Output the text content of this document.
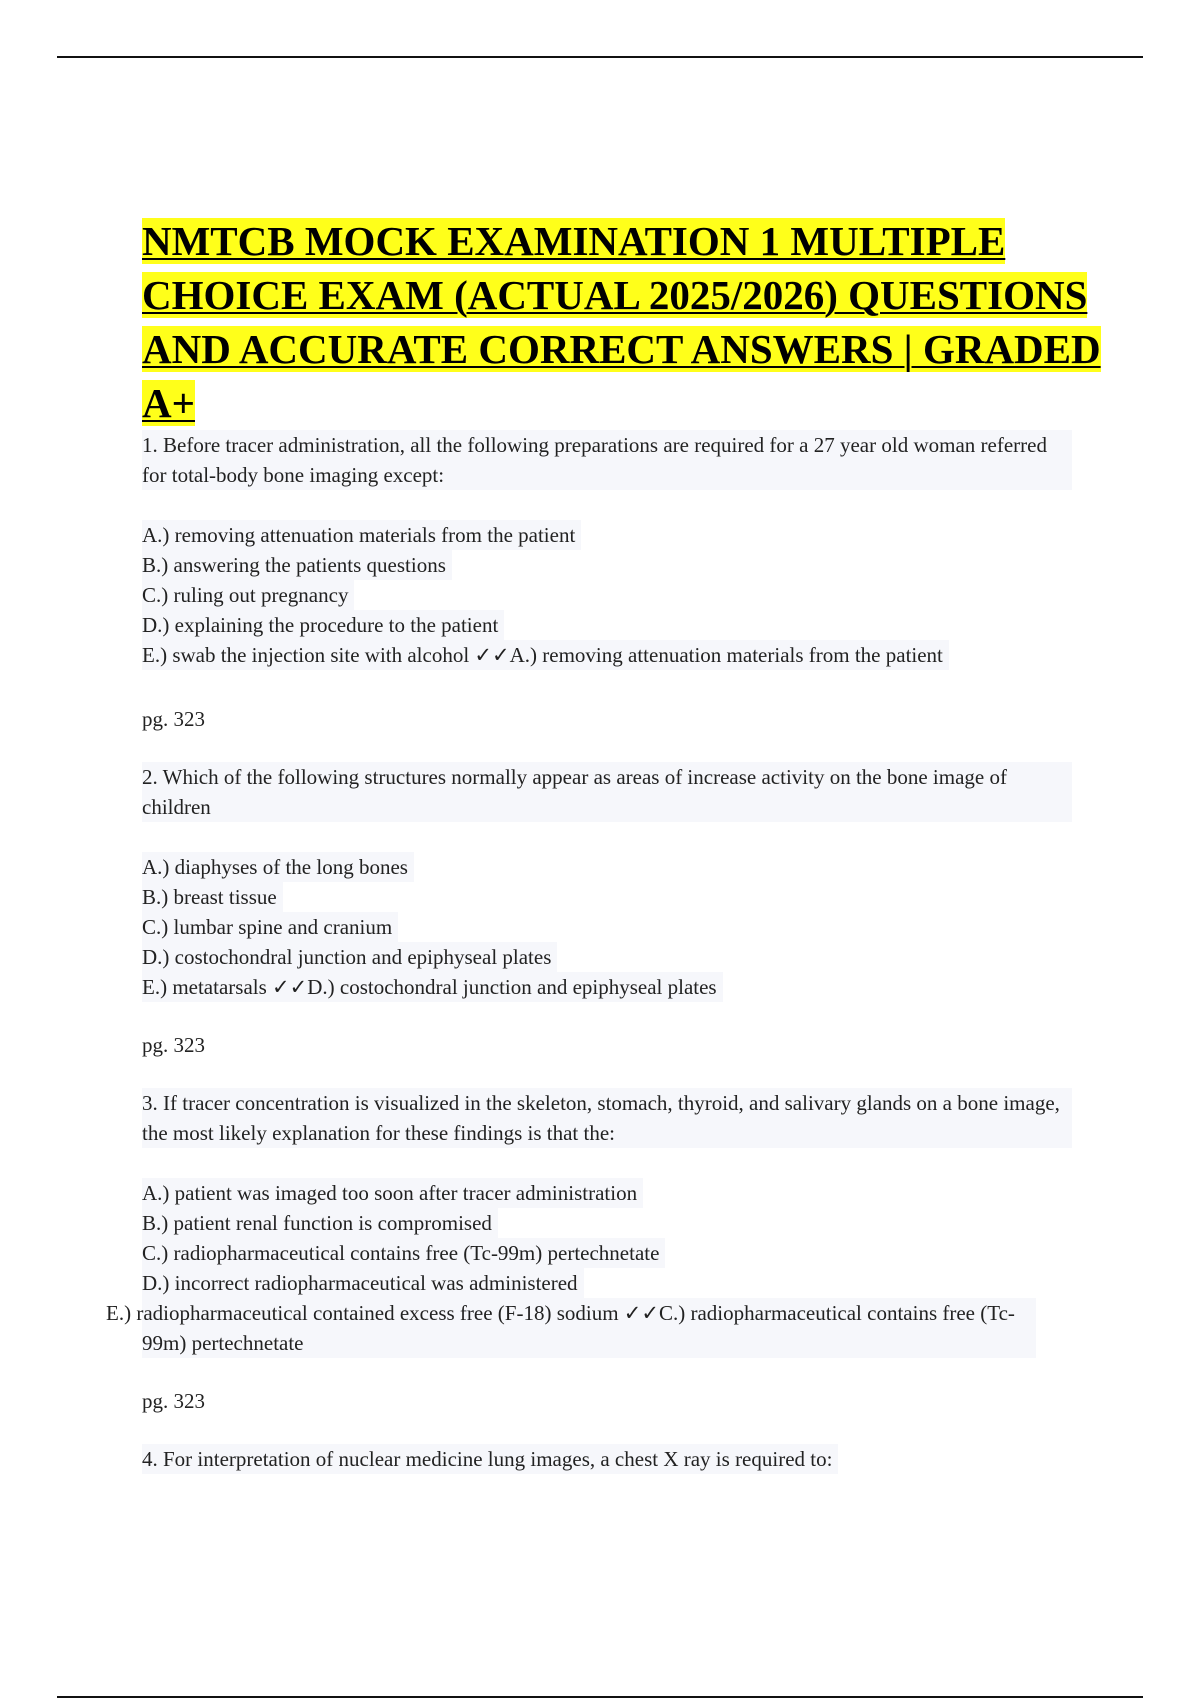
NMTCB MOCK EXAMINATION 1 MULTIPLE CHOICE EXAM (ACTUAL 2025/2026) QUESTIONS AND ACCURATE CORRECT ANSWERS | GRADED A+

1. Before tracer administration, all the following preparations are required for a 27 year old woman referred for total-body bone imaging except:

A.) removing attenuation materials from the patient

B.) answering the patients questions

C.) ruling out pregnancy

D.) explaining the procedure to the patient

E.) swab the injection site with alcohol ✓✓A.) removing attenuation materials from the patient

pg. 323

2. Which of the following structures normally appear as areas of increase activity on the bone image of children

A.) diaphyses of the long bones

B.) breast tissue

C.) lumbar spine and cranium

D.) costochondral junction and epiphyseal plates

E.) metatarsals ✓✓D.) costochondral junction and epiphyseal plates

pg. 323

3. If tracer concentration is visualized in the skeleton, stomach, thyroid, and salivary glands on a bone image, the most likely explanation for these findings is that the:

A.) patient was imaged too soon after tracer administration

B.) patient renal function is compromised

C.) radiopharmaceutical contains free (Tc-99m) pertechnetate

D.) incorrect radiopharmaceutical was administered

E.) radiopharmaceutical contained excess free (F-18) sodium ✓✓C.) radiopharmaceutical contains free (Tc-99m) pertechnetate

pg. 323

4. For interpretation of nuclear medicine lung images, a chest X ray is required to:
